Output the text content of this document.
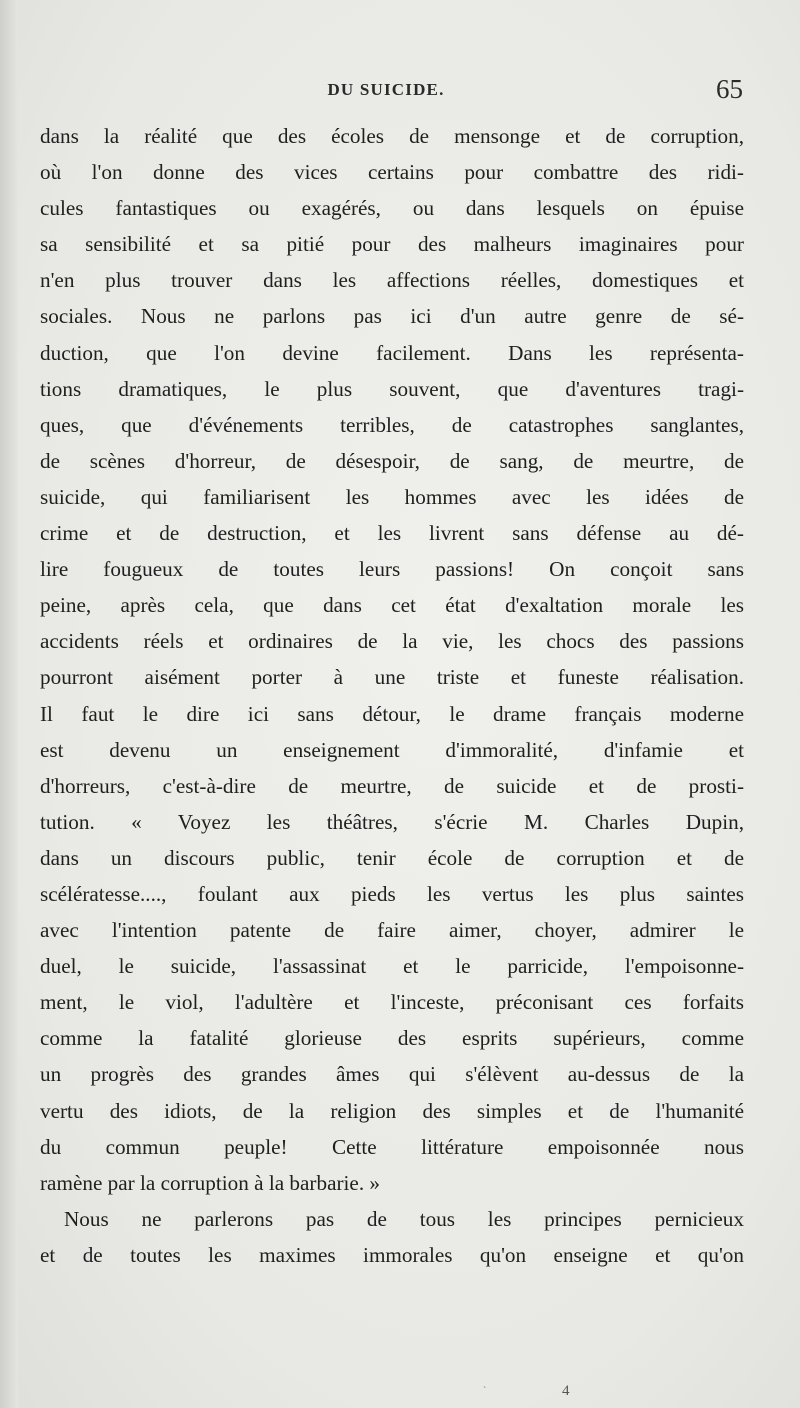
DU SUICIDE.	65
dans la réalité que des écoles de mensonge et de corruption,
où l'on donne des vices certains pour combattre des ridi-
cules fantastiques ou exagérés, ou dans lesquels on épuise
sa sensibilité et sa pitié pour des malheurs imaginaires pour
n'en plus trouver dans les affections réelles, domestiques et
sociales. Nous ne parlons pas ici d'un autre genre de sé-
duction, que l'on devine facilement. Dans les représenta-
tions dramatiques, le plus souvent, que d'aventures tragi-
ques, que d'événements terribles, de catastrophes sanglantes,
de scènes d'horreur, de désespoir, de sang, de meurtre, de
suicide, qui familiarisent les hommes avec les idées de
crime et de destruction, et les livrent sans défense au dé-
lire fougueux de toutes leurs passions! On conçoit sans
peine, après cela, que dans cet état d'exaltation morale les
accidents réels et ordinaires de la vie, les chocs des passions
pourront aisément porter à une triste et funeste réalisation.
Il faut le dire ici sans détour, le drame français moderne
est devenu un enseignement d'immoralité, d'infamie et
d'horreurs, c'est-à-dire de meurtre, de suicide et de prosti-
tution. « Voyez les théâtres, s'écrie M. Charles Dupin,
dans un discours public, tenir école de corruption et de
scélératesse...., foulant aux pieds les vertus les plus saintes
avec l'intention patente de faire aimer, choyer, admirer le
duel, le suicide, l'assassinat et le parricide, l'empoisonne-
ment, le viol, l'adultère et l'inceste, préconisant ces forfaits
comme la fatalité glorieuse des esprits supérieurs, comme
un progrès des grandes âmes qui s'élèvent au-dessus de la
vertu des idiots, de la religion des simples et de l'humanité
du commun peuple! Cette littérature empoisonnée nous
ramène par la corruption à la barbarie. »
Nous ne parlerons pas de tous les principes pernicieux
et de toutes les maximes immorales qu'on enseigne et qu'on
`	4
